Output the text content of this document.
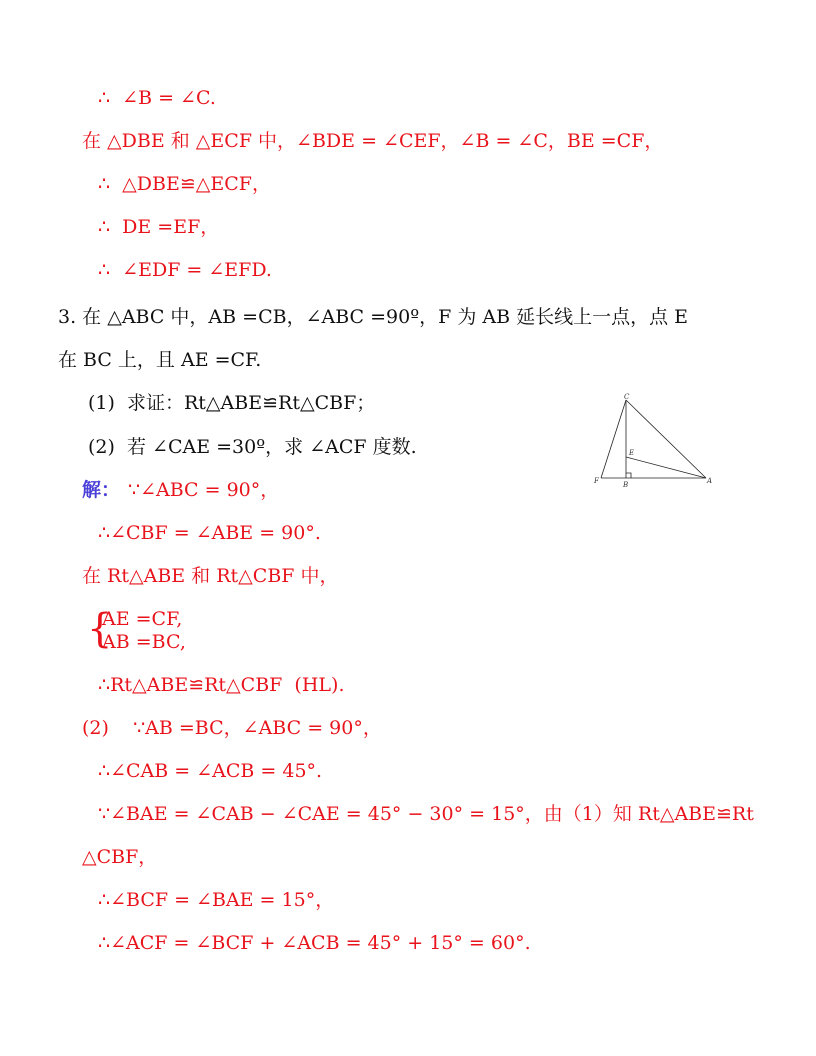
∴  ∠B = ∠C.
在 △DBE 和 △ECF 中，∠BDE = ∠CEF，∠B = ∠C，BE =CF，
∴  △DBE≌△ECF，
∴  DE =EF，
∴  ∠EDF = ∠EFD.
3. 在 △ABC 中，AB =CB，∠ABC =90º，F 为 AB 延长线上一点，点 E
在 BC 上，且 AE =CF.
(1)  求证：Rt△ABE≌Rt△CBF；
(2)  若 ∠CAE =30º，求 ∠ACF 度数.
解： ∵∠ABC = 90°，
∴∠CBF = ∠ABE = 90°.
在 Rt△ABE 和 Rt△CBF 中，
{
AE =CF,
AB =BC,
∴Rt△ABE≌Rt△CBF  (HL).
(2)    ∵AB =BC，∠ABC = 90°，
∴∠CAB = ∠ACB = 45°.
∵∠BAE = ∠CAB − ∠CAE = 45° − 30° = 15°，由（1）知 Rt△ABE≌Rt
△CBF，
∴∠BCF = ∠BAE = 15°，
∴∠ACF = ∠BCF + ∠ACB = 45° + 15° = 60°.
C
E
F	B	A
